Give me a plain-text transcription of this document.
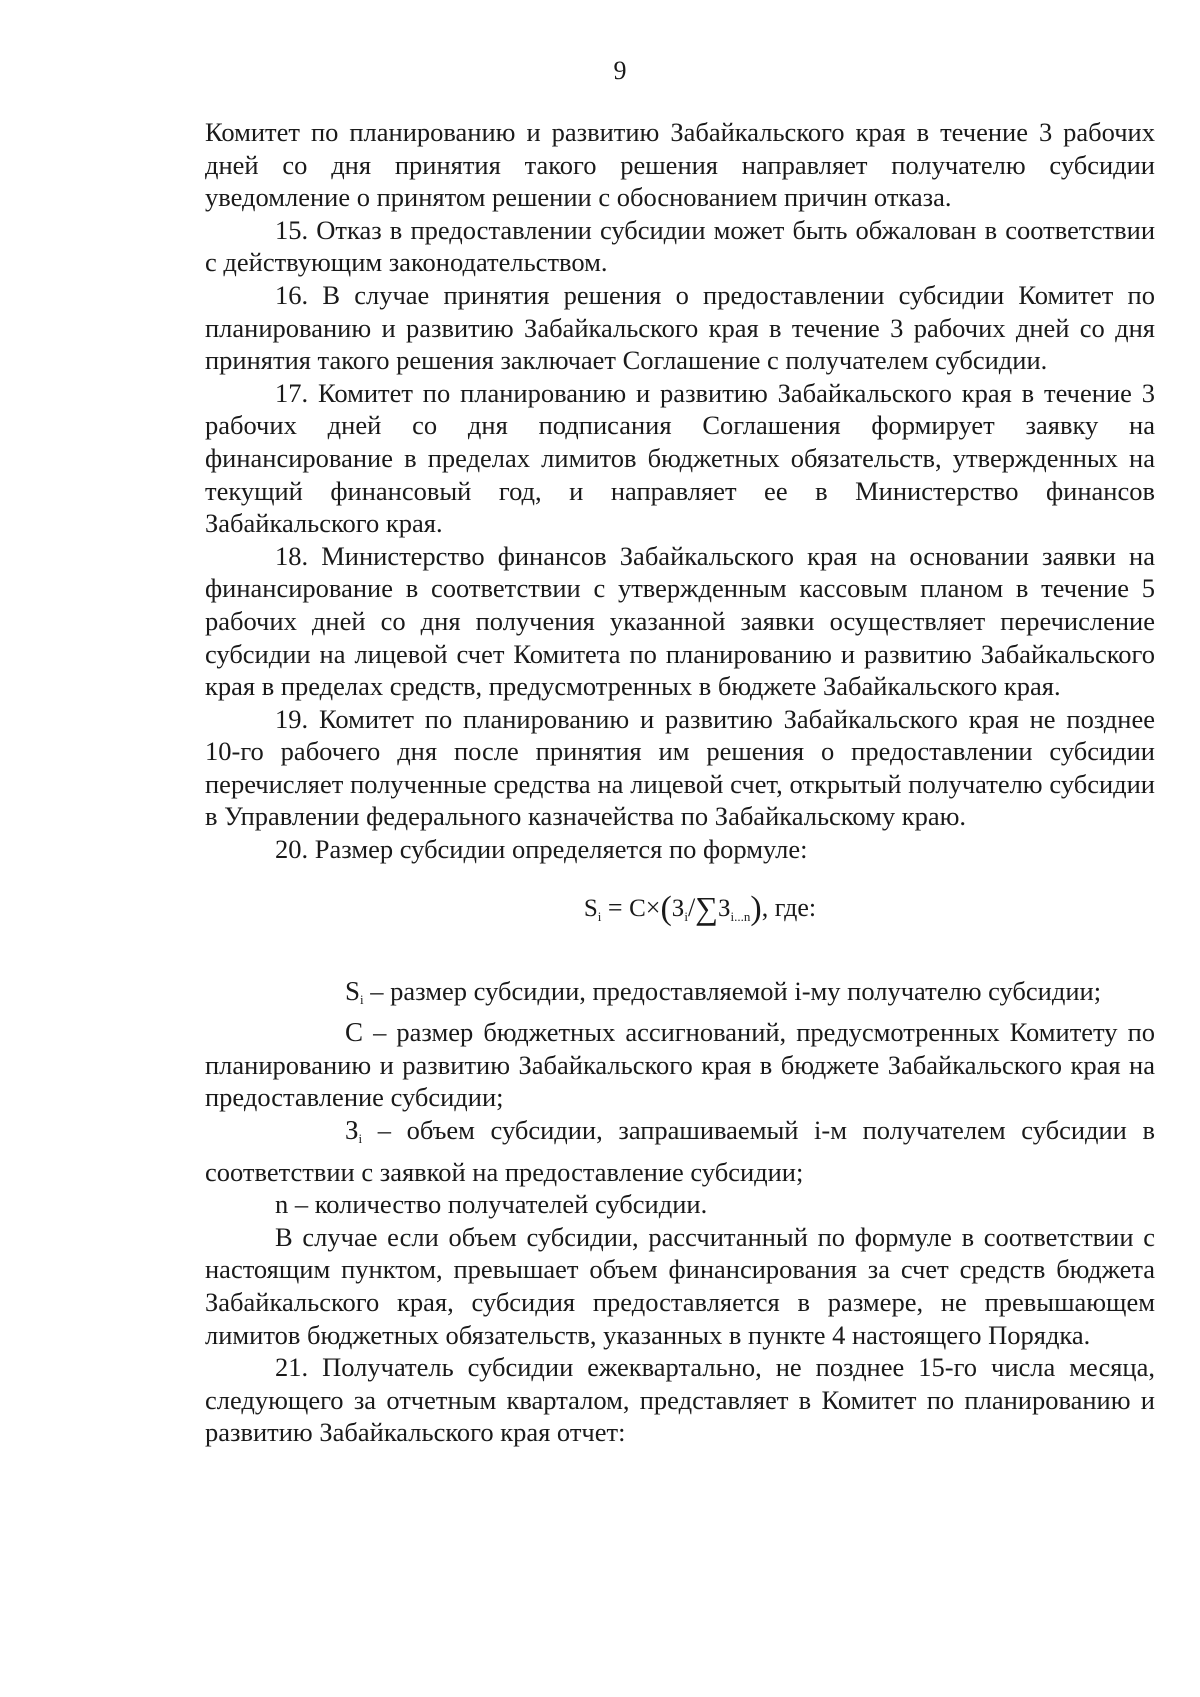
9

Комитет по планированию и развитию Забайкальского края в течение 3 рабочих дней со дня принятия такого решения направляет получателю субсидии уведомление о принятом решении с обоснованием причин отказа.

15. Отказ в предоставлении субсидии может быть обжалован в соответствии с действующим законодательством.

16. В случае принятия решения о предоставлении субсидии Комитет по планированию и развитию Забайкальского края в течение 3 рабочих дней со дня принятия такого решения заключает Соглашение с получателем субсидии.

17. Комитет по планированию и развитию Забайкальского края в течение 3 рабочих дней со дня подписания Соглашения формирует заявку на финансирование в пределах лимитов бюджетных обязательств, утвержденных на текущий финансовый год, и направляет ее в Министерство финансов Забайкальского края.

18. Министерство финансов Забайкальского края на основании заявки на финансирование в соответствии с утвержденным кассовым планом в течение 5 рабочих дней со дня получения указанной заявки осуществляет перечисление субсидии на лицевой счет Комитета по планированию и развитию Забайкальского края в пределах средств, предусмотренных в бюджете Забайкальского края.

19. Комитет по планированию и развитию Забайкальского края не позднее 10-го рабочего дня после принятия им решения о предоставлении субсидии перечисляет полученные средства на лицевой счет, открытый получателю субсидии в Управлении федерального казначейства по Забайкальскому краю.

20. Размер субсидии определяется по формуле:

$S_i = C\times(З_i/\sum З_{i...n})$, где:

$S_i$ – размер субсидии, предоставляемой i-му получателю субсидии;

C – размер бюджетных ассигнований, предусмотренных Комитету по планированию и развитию Забайкальского края в бюджете Забайкальского края на предоставление субсидии;

$З_i$ – объем субсидии, запрашиваемый i-м получателем субсидии в соответствии с заявкой на предоставление субсидии;

n – количество получателей субсидии.

В случае если объем субсидии, рассчитанный по формуле в соответствии с настоящим пунктом, превышает объем финансирования за счет средств бюджета Забайкальского края, субсидия предоставляется в размере, не превышающем лимитов бюджетных обязательств, указанных в пункте 4 настоящего Порядка.

21. Получатель субсидии ежеквартально, не позднее 15-го числа месяца, следующего за отчетным кварталом, представляет в Комитет по планированию и развитию Забайкальского края отчет:
